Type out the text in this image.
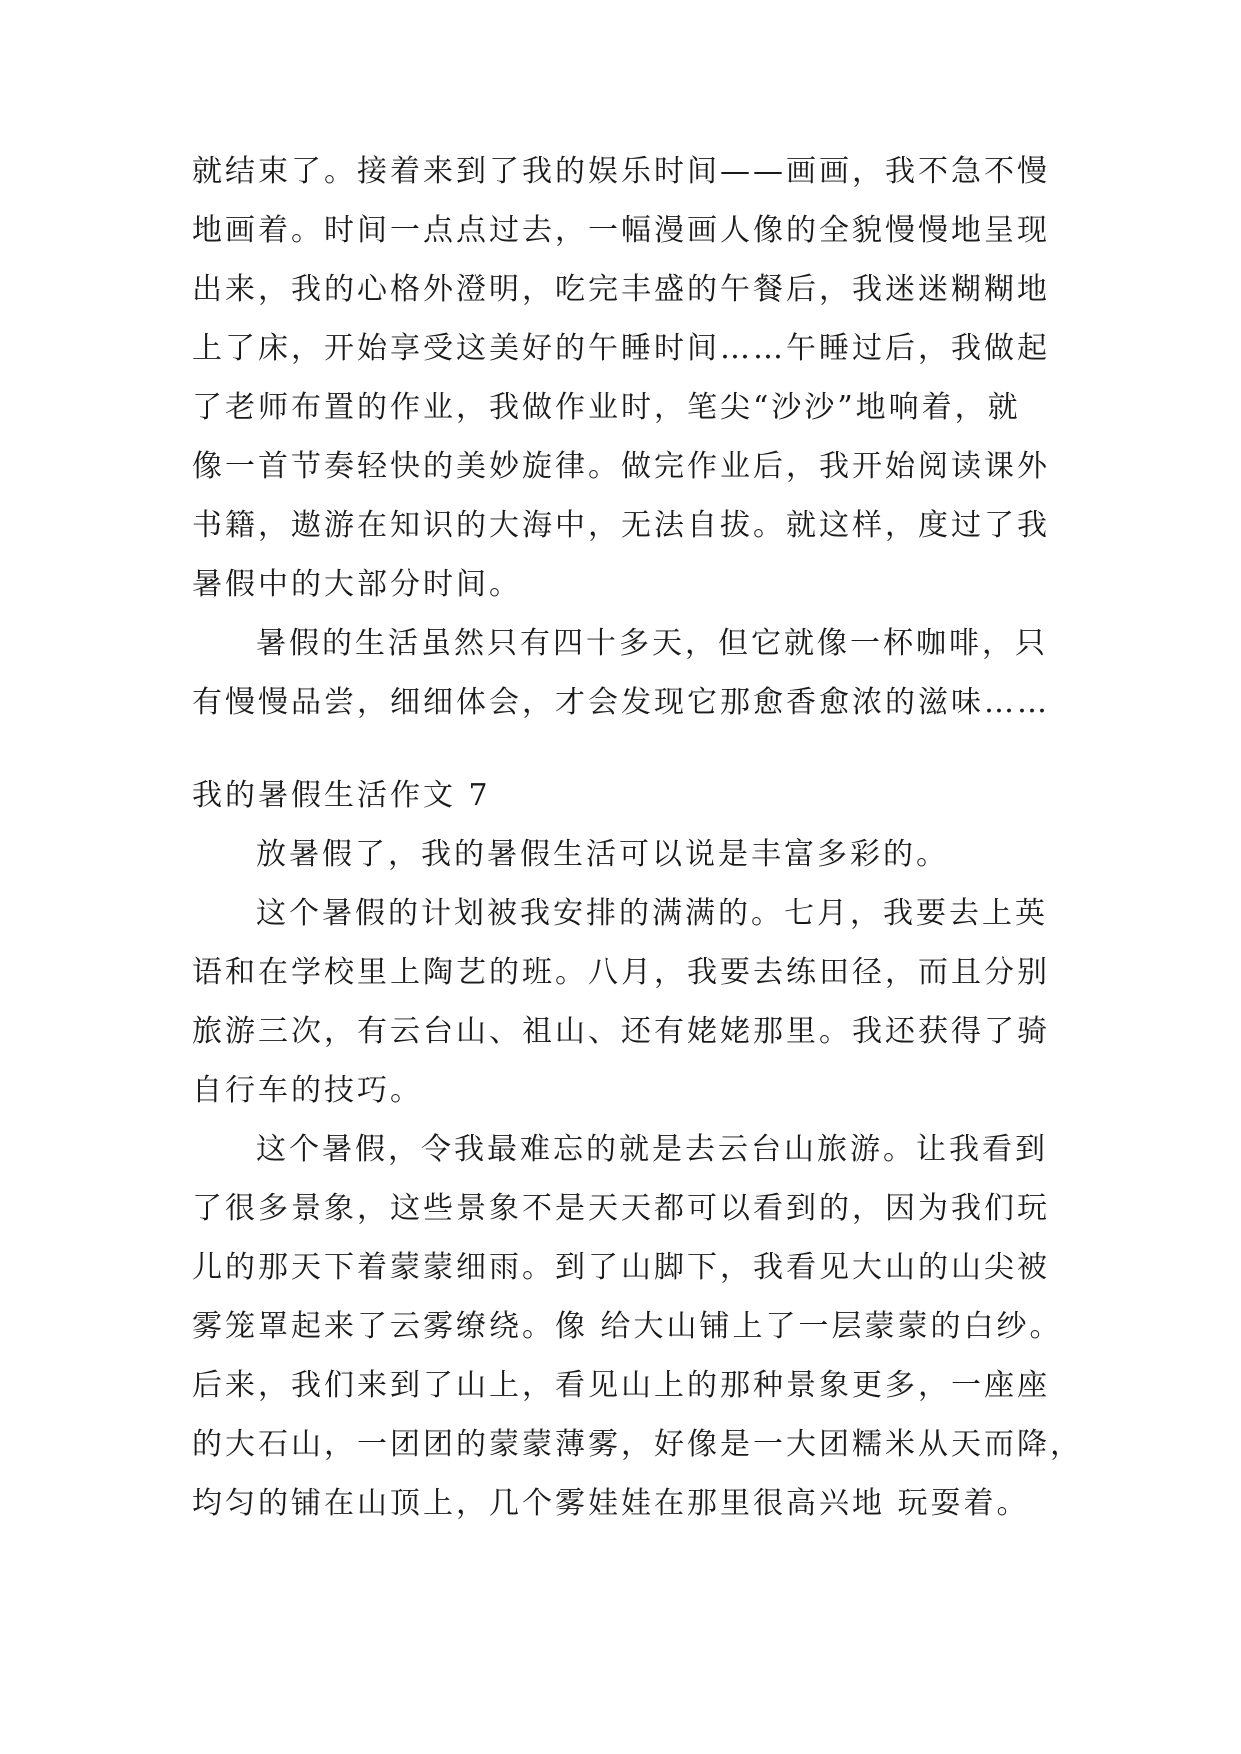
就结束了。接着来到了我的娱乐时间——画画，我不急不慢
地画着。时间一点点过去，一幅漫画人像的全貌慢慢地呈现
出来，我的心格外澄明，吃完丰盛的午餐后，我迷迷糊糊地
上了床，开始享受这美好的午睡时间……午睡过后，我做起
了老师布置的作业，我做作业时，笔尖“沙沙”地响着，就
像一首节奏轻快的美妙旋律。做完作业后，我开始阅读课外
书籍，遨游在知识的大海中，无法自拔。就这样，度过了我
暑假中的大部分时间。
暑假的生活虽然只有四十多天，但它就像一杯咖啡，只
有慢慢品尝，细细体会，才会发现它那愈香愈浓的滋味……
我的暑假生活作文 7
放暑假了，我的暑假生活可以说是丰富多彩的。
这个暑假的计划被我安排的满满的。七月，我要去上英
语和在学校里上陶艺的班。八月，我要去练田径，而且分别
旅游三次，有云台山、祖山、还有姥姥那里。我还获得了骑
自行车的技巧。
这个暑假，令我最难忘的就是去云台山旅游。让我看到
了很多景象，这些景象不是天天都可以看到的，因为我们玩
儿的那天下着蒙蒙细雨。到了山脚下，我看见大山的山尖被
雾笼罩起来了云雾缭绕。像 给大山铺上了一层蒙蒙的白纱。
后来，我们来到了山上，看见山上的那种景象更多，一座座
的大石山，一团团的蒙蒙薄雾，好像是一大团糯米从天而降，
均匀的铺在山顶上，几个雾娃娃在那里很高兴地 玩耍着。
